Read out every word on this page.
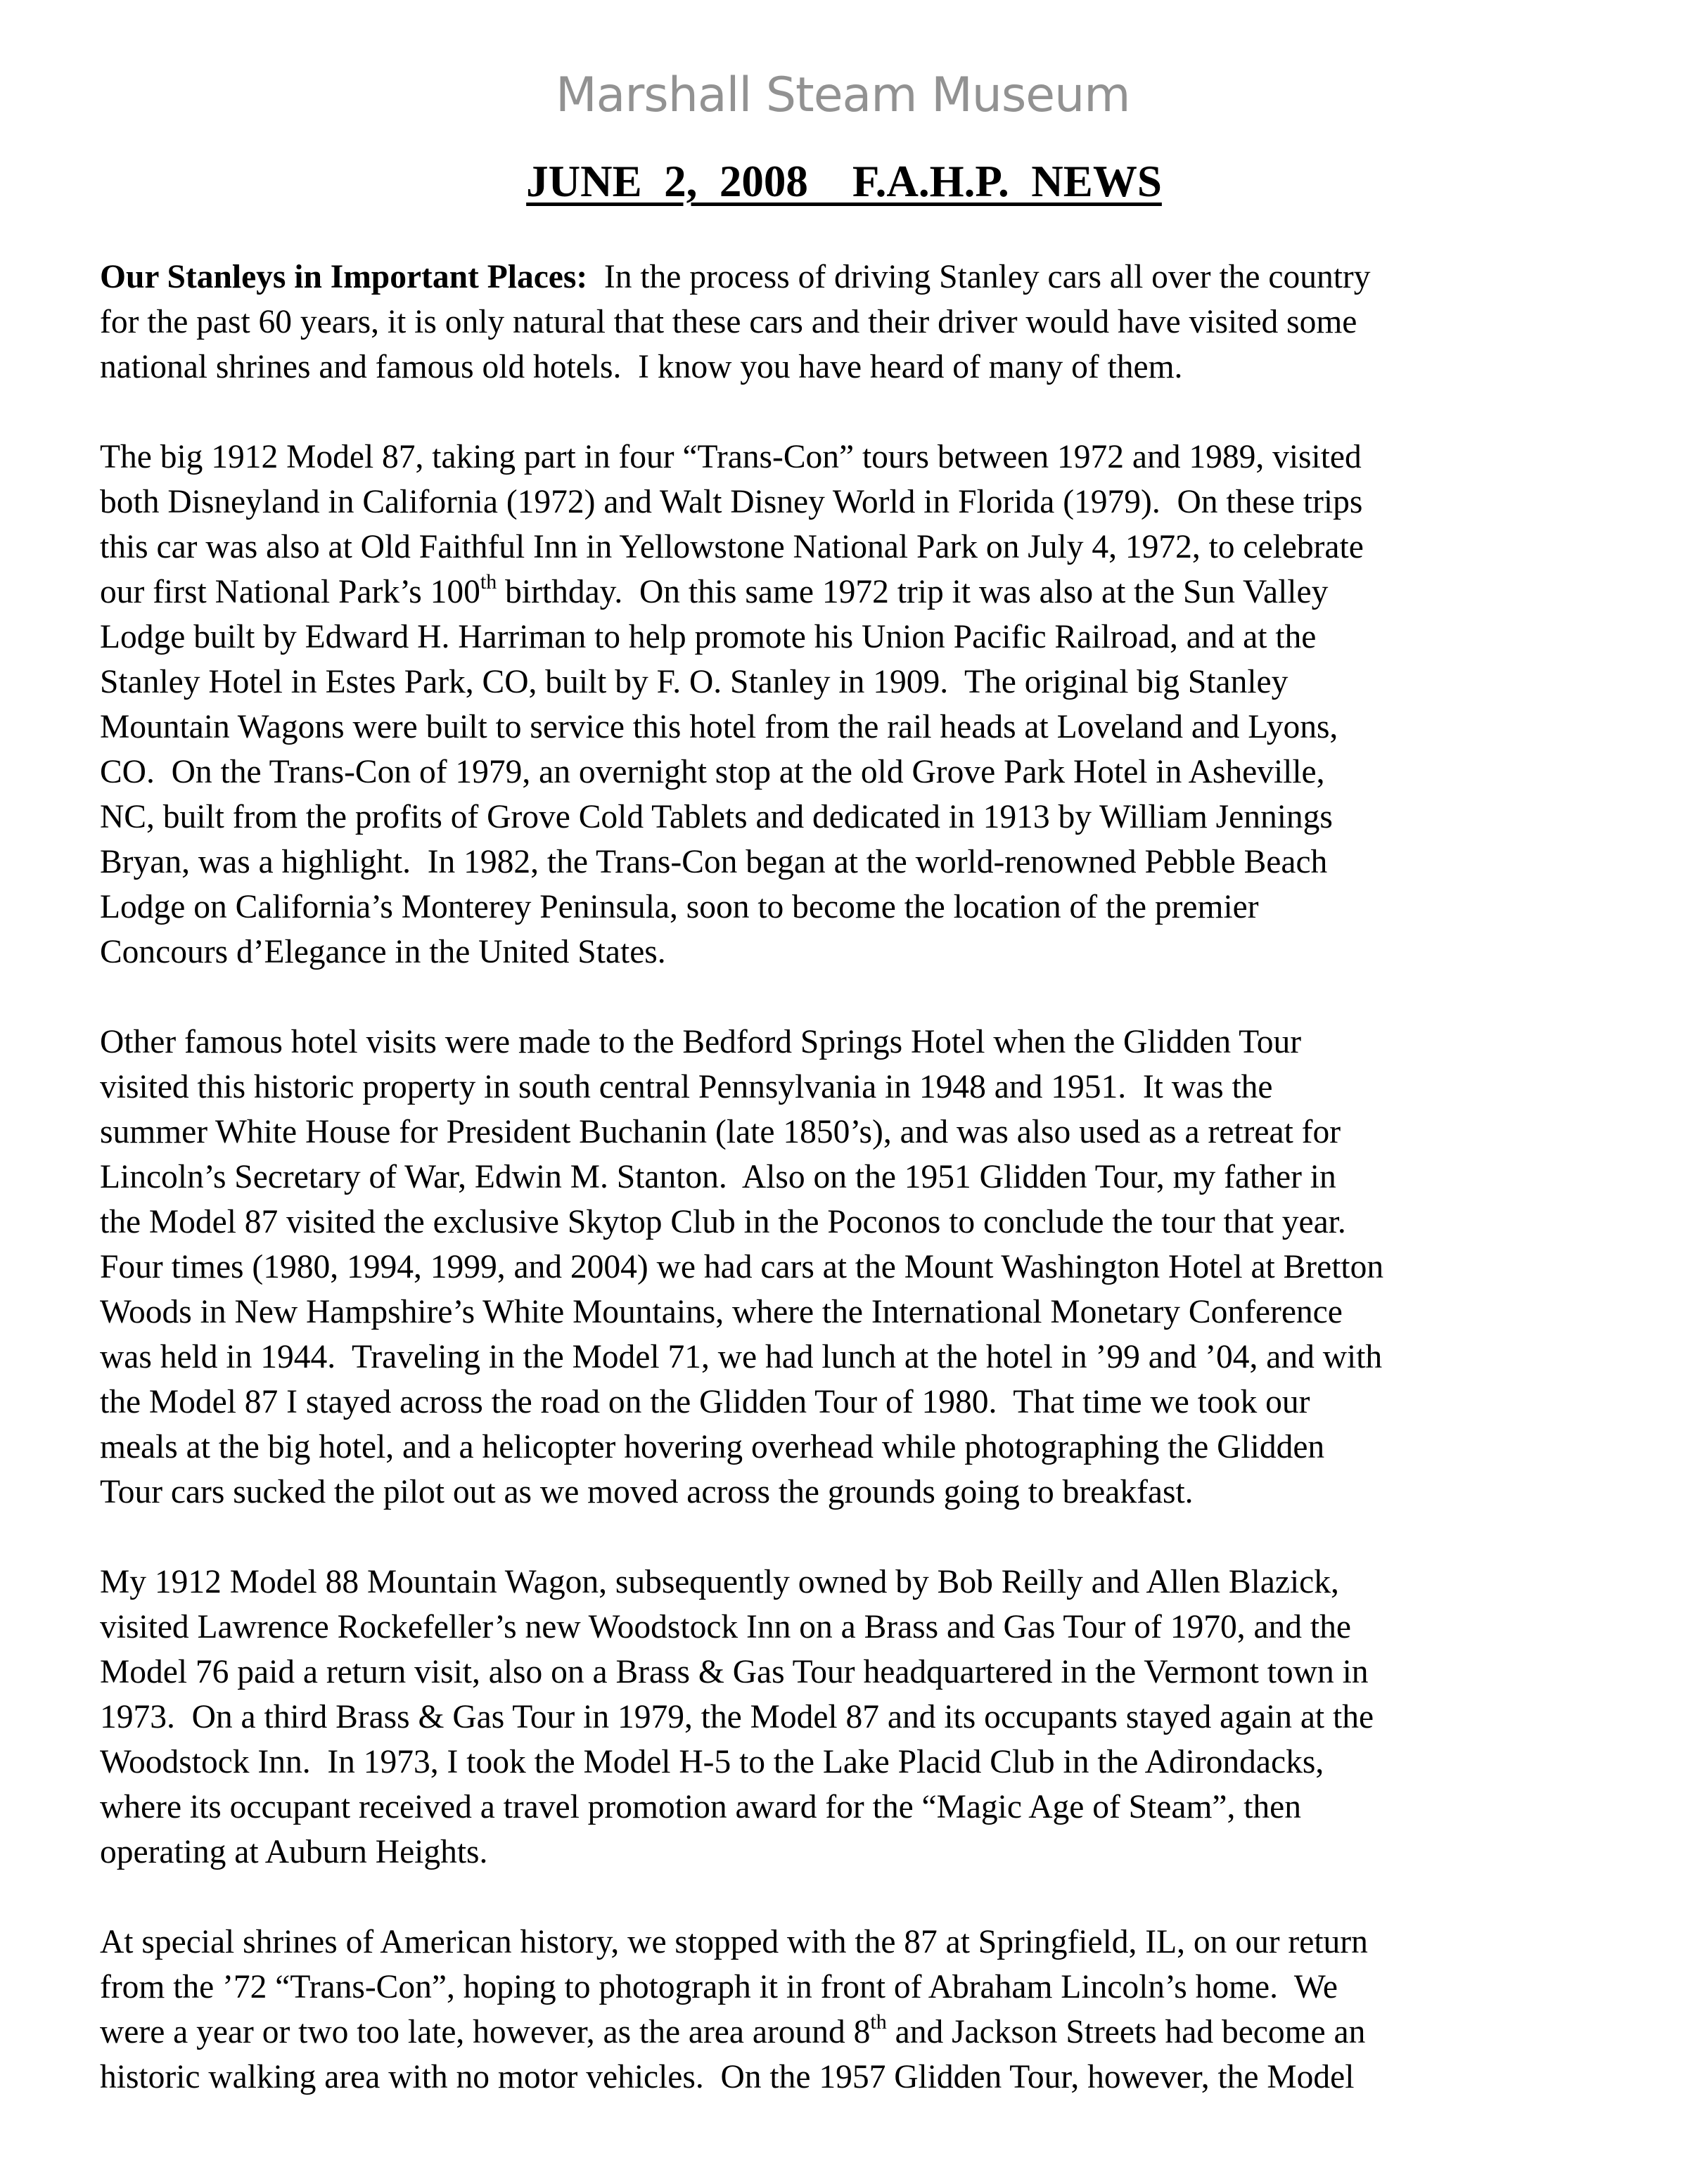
Marshall Steam Museum
JUNE  2,  2008    F.A.H.P.  NEWS
Our Stanleys in Important Places:  In the process of driving Stanley cars all over the country
for the past 60 years, it is only natural that these cars and their driver would have visited some
national shrines and famous old hotels.  I know you have heard of many of them.
The big 1912 Model 87, taking part in four “Trans-Con” tours between 1972 and 1989, visited
both Disneyland in California (1972) and Walt Disney World in Florida (1979).  On these trips
this car was also at Old Faithful Inn in Yellowstone National Park on July 4, 1972, to celebrate
our first National Park’s 100th birthday.  On this same 1972 trip it was also at the Sun Valley
Lodge built by Edward H. Harriman to help promote his Union Pacific Railroad, and at the
Stanley Hotel in Estes Park, CO, built by F. O. Stanley in 1909.  The original big Stanley
Mountain Wagons were built to service this hotel from the rail heads at Loveland and Lyons,
CO.  On the Trans-Con of 1979, an overnight stop at the old Grove Park Hotel in Asheville,
NC, built from the profits of Grove Cold Tablets and dedicated in 1913 by William Jennings
Bryan, was a highlight.  In 1982, the Trans-Con began at the world-renowned Pebble Beach
Lodge on California’s Monterey Peninsula, soon to become the location of the premier
Concours d’Elegance in the United States.
Other famous hotel visits were made to the Bedford Springs Hotel when the Glidden Tour
visited this historic property in south central Pennsylvania in 1948 and 1951.  It was the
summer White House for President Buchanin (late 1850’s), and was also used as a retreat for
Lincoln’s Secretary of War, Edwin M. Stanton.  Also on the 1951 Glidden Tour, my father in
the Model 87 visited the exclusive Skytop Club in the Poconos to conclude the tour that year.
Four times (1980, 1994, 1999, and 2004) we had cars at the Mount Washington Hotel at Bretton
Woods in New Hampshire’s White Mountains, where the International Monetary Conference
was held in 1944.  Traveling in the Model 71, we had lunch at the hotel in ’99 and ’04, and with
the Model 87 I stayed across the road on the Glidden Tour of 1980.  That time we took our
meals at the big hotel, and a helicopter hovering overhead while photographing the Glidden
Tour cars sucked the pilot out as we moved across the grounds going to breakfast.
My 1912 Model 88 Mountain Wagon, subsequently owned by Bob Reilly and Allen Blazick,
visited Lawrence Rockefeller’s new Woodstock Inn on a Brass and Gas Tour of 1970, and the
Model 76 paid a return visit, also on a Brass & Gas Tour headquartered in the Vermont town in
1973.  On a third Brass & Gas Tour in 1979, the Model 87 and its occupants stayed again at the
Woodstock Inn.  In 1973, I took the Model H-5 to the Lake Placid Club in the Adirondacks,
where its occupant received a travel promotion award for the “Magic Age of Steam”, then
operating at Auburn Heights.
At special shrines of American history, we stopped with the 87 at Springfield, IL, on our return
from the ’72 “Trans-Con”, hoping to photograph it in front of Abraham Lincoln’s home.  We
were a year or two too late, however, as the area around 8th and Jackson Streets had become an
historic walking area with no motor vehicles.  On the 1957 Glidden Tour, however, the Model
